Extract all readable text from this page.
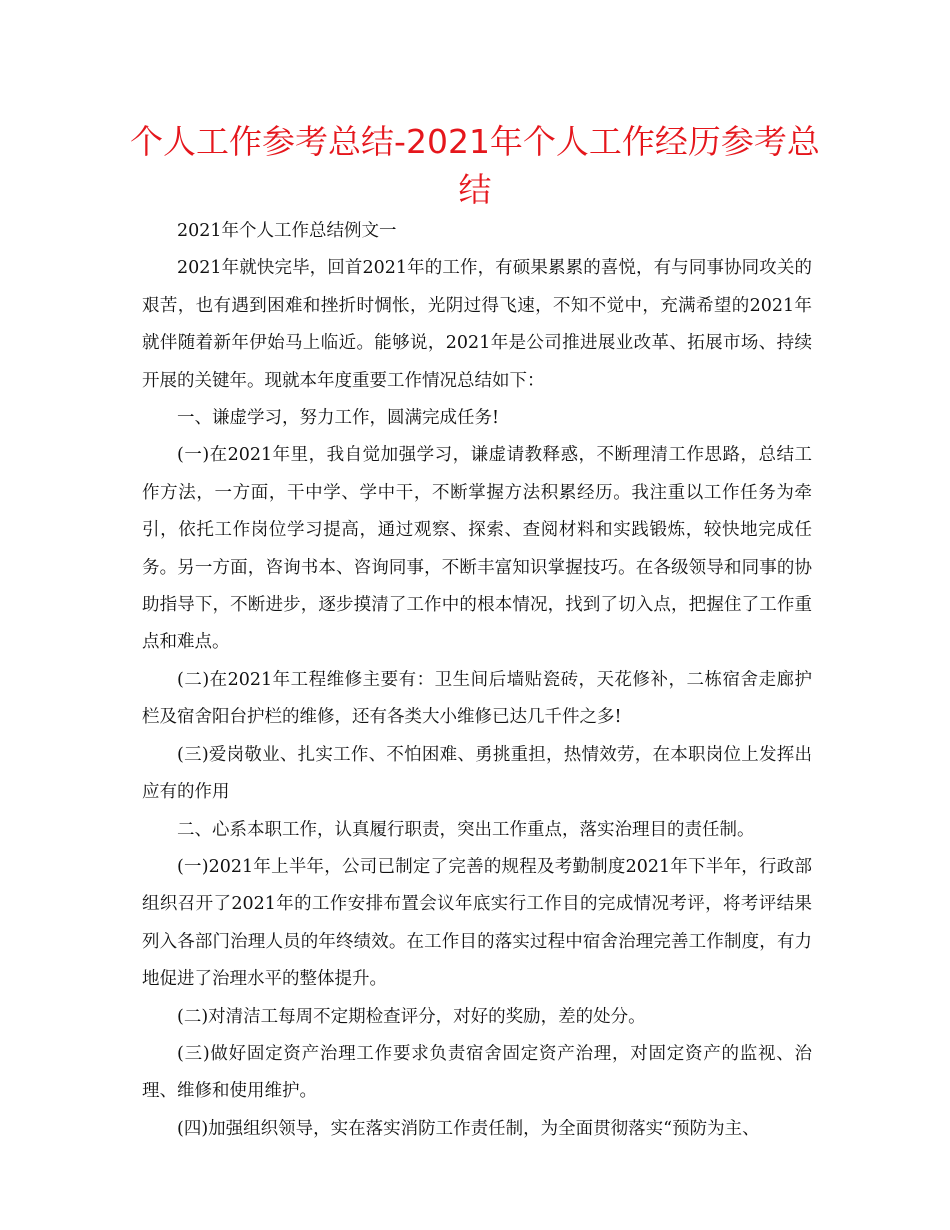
个人工作参考总结-2021年个人工作经历参考总结

2021年个人工作总结例文一

2021年就快完毕，回首2021年的工作，有硕果累累的喜悦，有与同事协同攻关的艰苦，也有遇到困难和挫折时惆怅，光阴过得飞速，不知不觉中，充满希望的2021年就伴随着新年伊始马上临近。能够说，2021年是公司推进展业改革、拓展市场、持续开展的关键年。现就本年度重要工作情况总结如下：

一、谦虚学习，努力工作，圆满完成任务!

(一)在2021年里，我自觉加强学习，谦虚请教释惑，不断理清工作思路，总结工作方法，一方面，干中学、学中干，不断掌握方法积累经历。我注重以工作任务为牵引，依托工作岗位学习提高，通过观察、探索、查阅材料和实践锻炼，较快地完成任务。另一方面，咨询书本、咨询同事，不断丰富知识掌握技巧。在各级领导和同事的协助指导下，不断进步，逐步摸清了工作中的根本情况，找到了切入点，把握住了工作重点和难点。

(二)在2021年工程维修主要有：卫生间后墙贴瓷砖，天花修补，二栋宿舍走廊护栏及宿舍阳台护栏的维修，还有各类大小维修已达几千件之多!

(三)爱岗敬业、扎实工作、不怕困难、勇挑重担，热情效劳，在本职岗位上发挥出应有的作用

二、心系本职工作，认真履行职责，突出工作重点，落实治理目的责任制。

(一)2021年上半年，公司已制定了完善的规程及考勤制度2021年下半年，行政部组织召开了2021年的工作安排布置会议年底实行工作目的完成情况考评，将考评结果列入各部门治理人员的年终绩效。在工作目的落实过程中宿舍治理完善工作制度，有力地促进了治理水平的整体提升。

(二)对清洁工每周不定期检查评分，对好的奖励，差的处分。

(三)做好固定资产治理工作要求负责宿舍固定资产治理，对固定资产的监视、治理、维修和使用维护。

(四)加强组织领导，实在落实消防工作责任制，为全面贯彻落实“预防为主、
